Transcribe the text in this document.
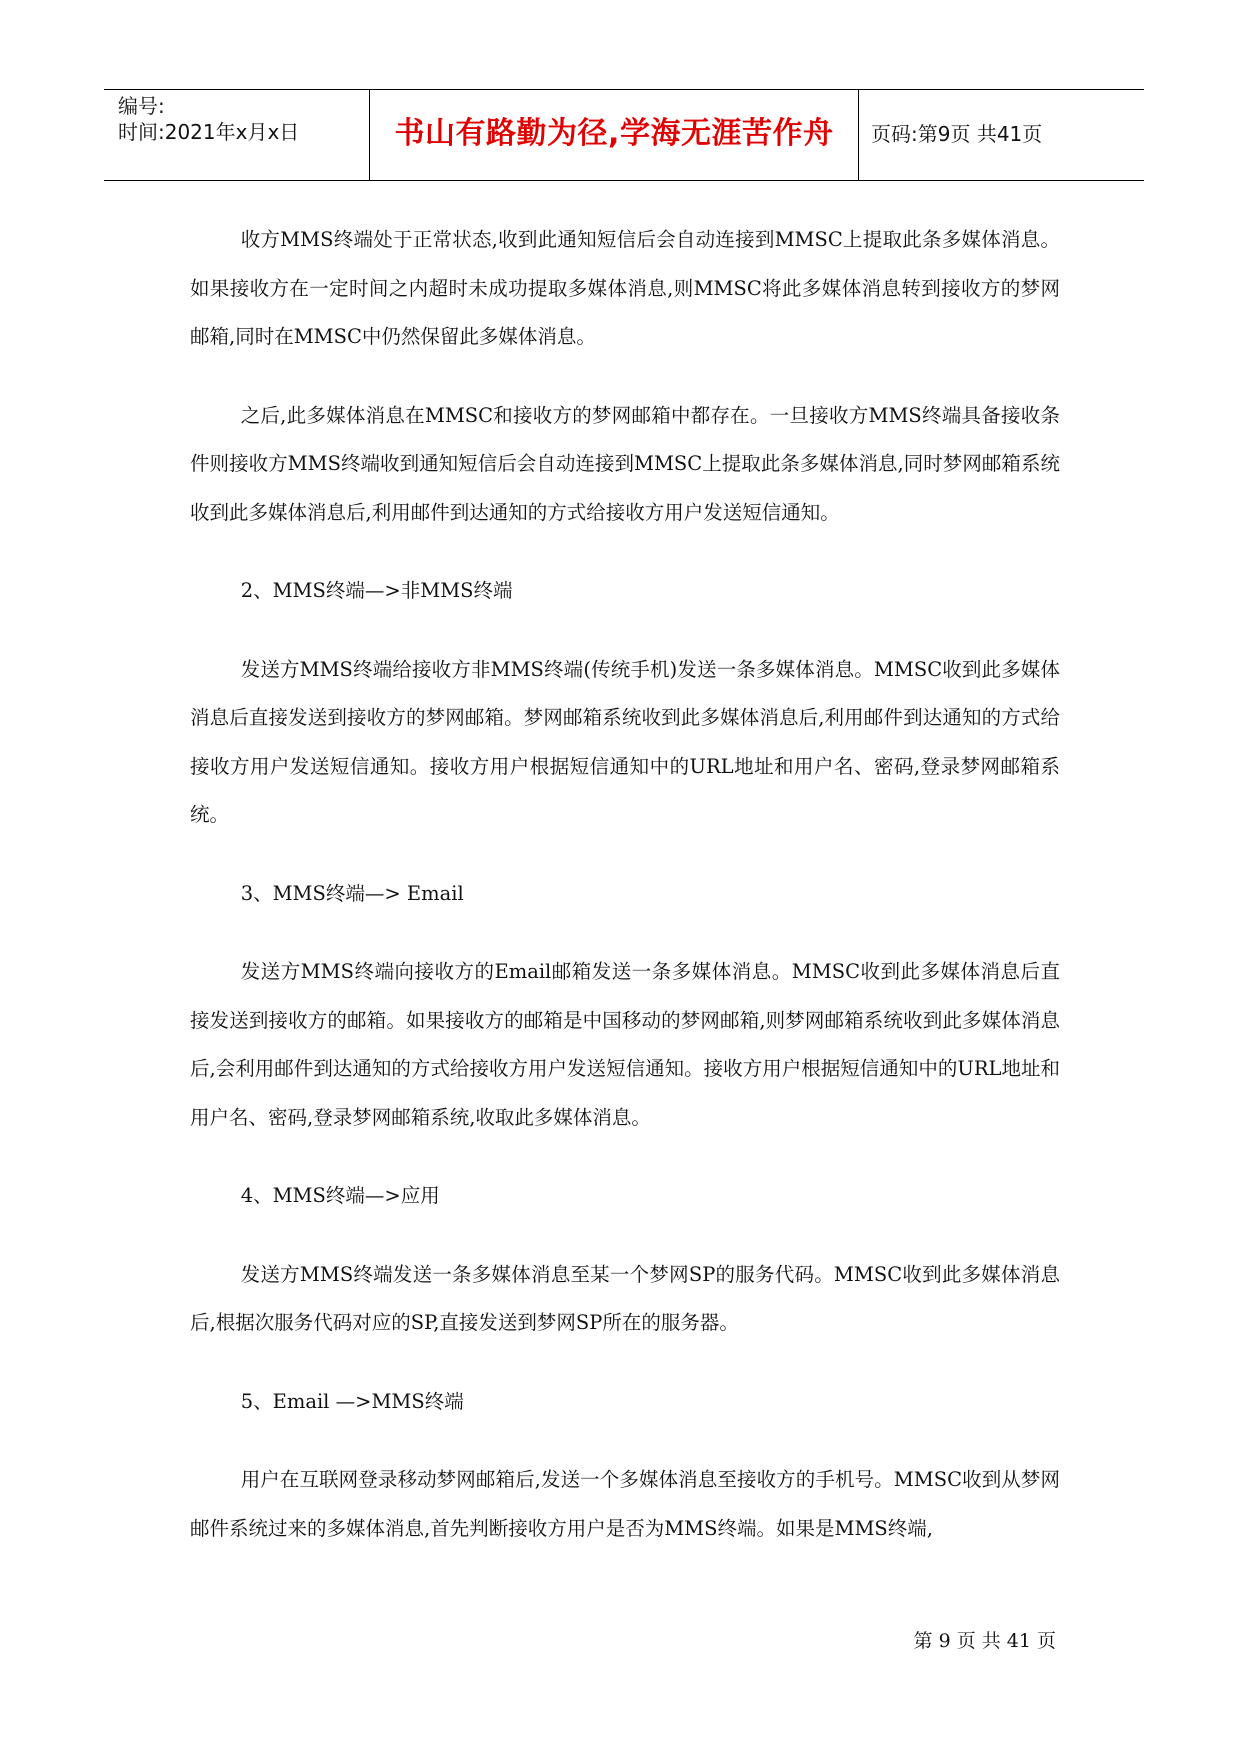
编号:
时间:2021年x月x日	书山有路勤为径,学海无涯苦作舟	页码:第9页 共41页

收方MMS终端处于正常状态,收到此通知短信后会自动连接到MMSC上提取此条多媒体消息。如果接收方在一定时间之内超时未成功提取多媒体消息,则MMSC将此多媒体消息转到接收方的梦网邮箱,同时在MMSC中仍然保留此多媒体消息。

之后,此多媒体消息在MMSC和接收方的梦网邮箱中都存在。一旦接收方MMS终端具备接收条件则接收方MMS终端收到通知短信后会自动连接到MMSC上提取此条多媒体消息,同时梦网邮箱系统收到此多媒体消息后,利用邮件到达通知的方式给接收方用户发送短信通知。

2、MMS终端—>非MMS终端

发送方MMS终端给接收方非MMS终端(传统手机)发送一条多媒体消息。MMSC收到此多媒体消息后直接发送到接收方的梦网邮箱。梦网邮箱系统收到此多媒体消息后,利用邮件到达通知的方式给接收方用户发送短信通知。接收方用户根据短信通知中的URL地址和用户名、密码,登录梦网邮箱系统。

3、MMS终端—> Email

发送方MMS终端向接收方的Email邮箱发送一条多媒体消息。MMSC收到此多媒体消息后直接发送到接收方的邮箱。如果接收方的邮箱是中国移动的梦网邮箱,则梦网邮箱系统收到此多媒体消息后,会利用邮件到达通知的方式给接收方用户发送短信通知。接收方用户根据短信通知中的URL地址和用户名、密码,登录梦网邮箱系统,收取此多媒体消息。

4、MMS终端—>应用

发送方MMS终端发送一条多媒体消息至某一个梦网SP的服务代码。MMSC收到此多媒体消息后,根据次服务代码对应的SP,直接发送到梦网SP所在的服务器。

5、Email —>MMS终端

用户在互联网登录移动梦网邮箱后,发送一个多媒体消息至接收方的手机号。MMSC收到从梦网邮件系统过来的多媒体消息,首先判断接收方用户是否为MMS终端。如果是MMS终端,

第 9 页 共 41 页
